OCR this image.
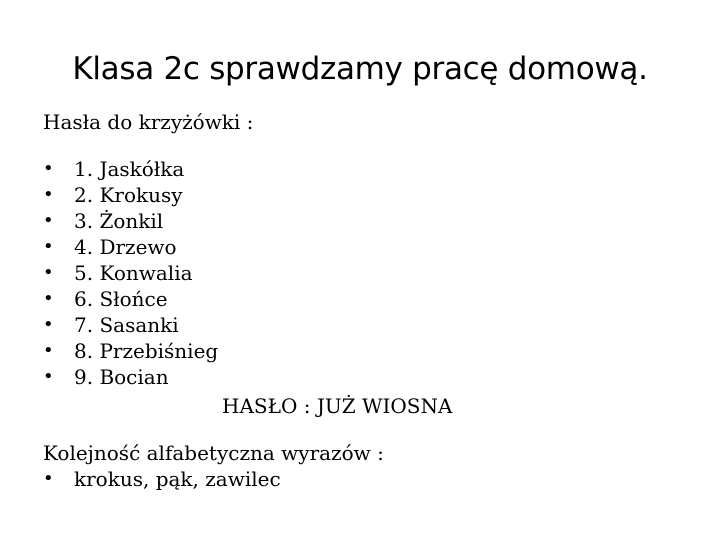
Klasa 2c sprawdzamy pracę domową.
Hasła do krzyżówki :
•	1. Jaskółka
•	2. Krokusy
•	3. Żonkil
•	4. Drzewo
•	5. Konwalia
•	6. Słońce
•	7. Sasanki
•	8. Przebiśnieg
•	9. Bocian
HASŁO : JUŻ WIOSNA
Kolejność alfabetyczna wyrazów :
•	krokus, pąk, zawilec
